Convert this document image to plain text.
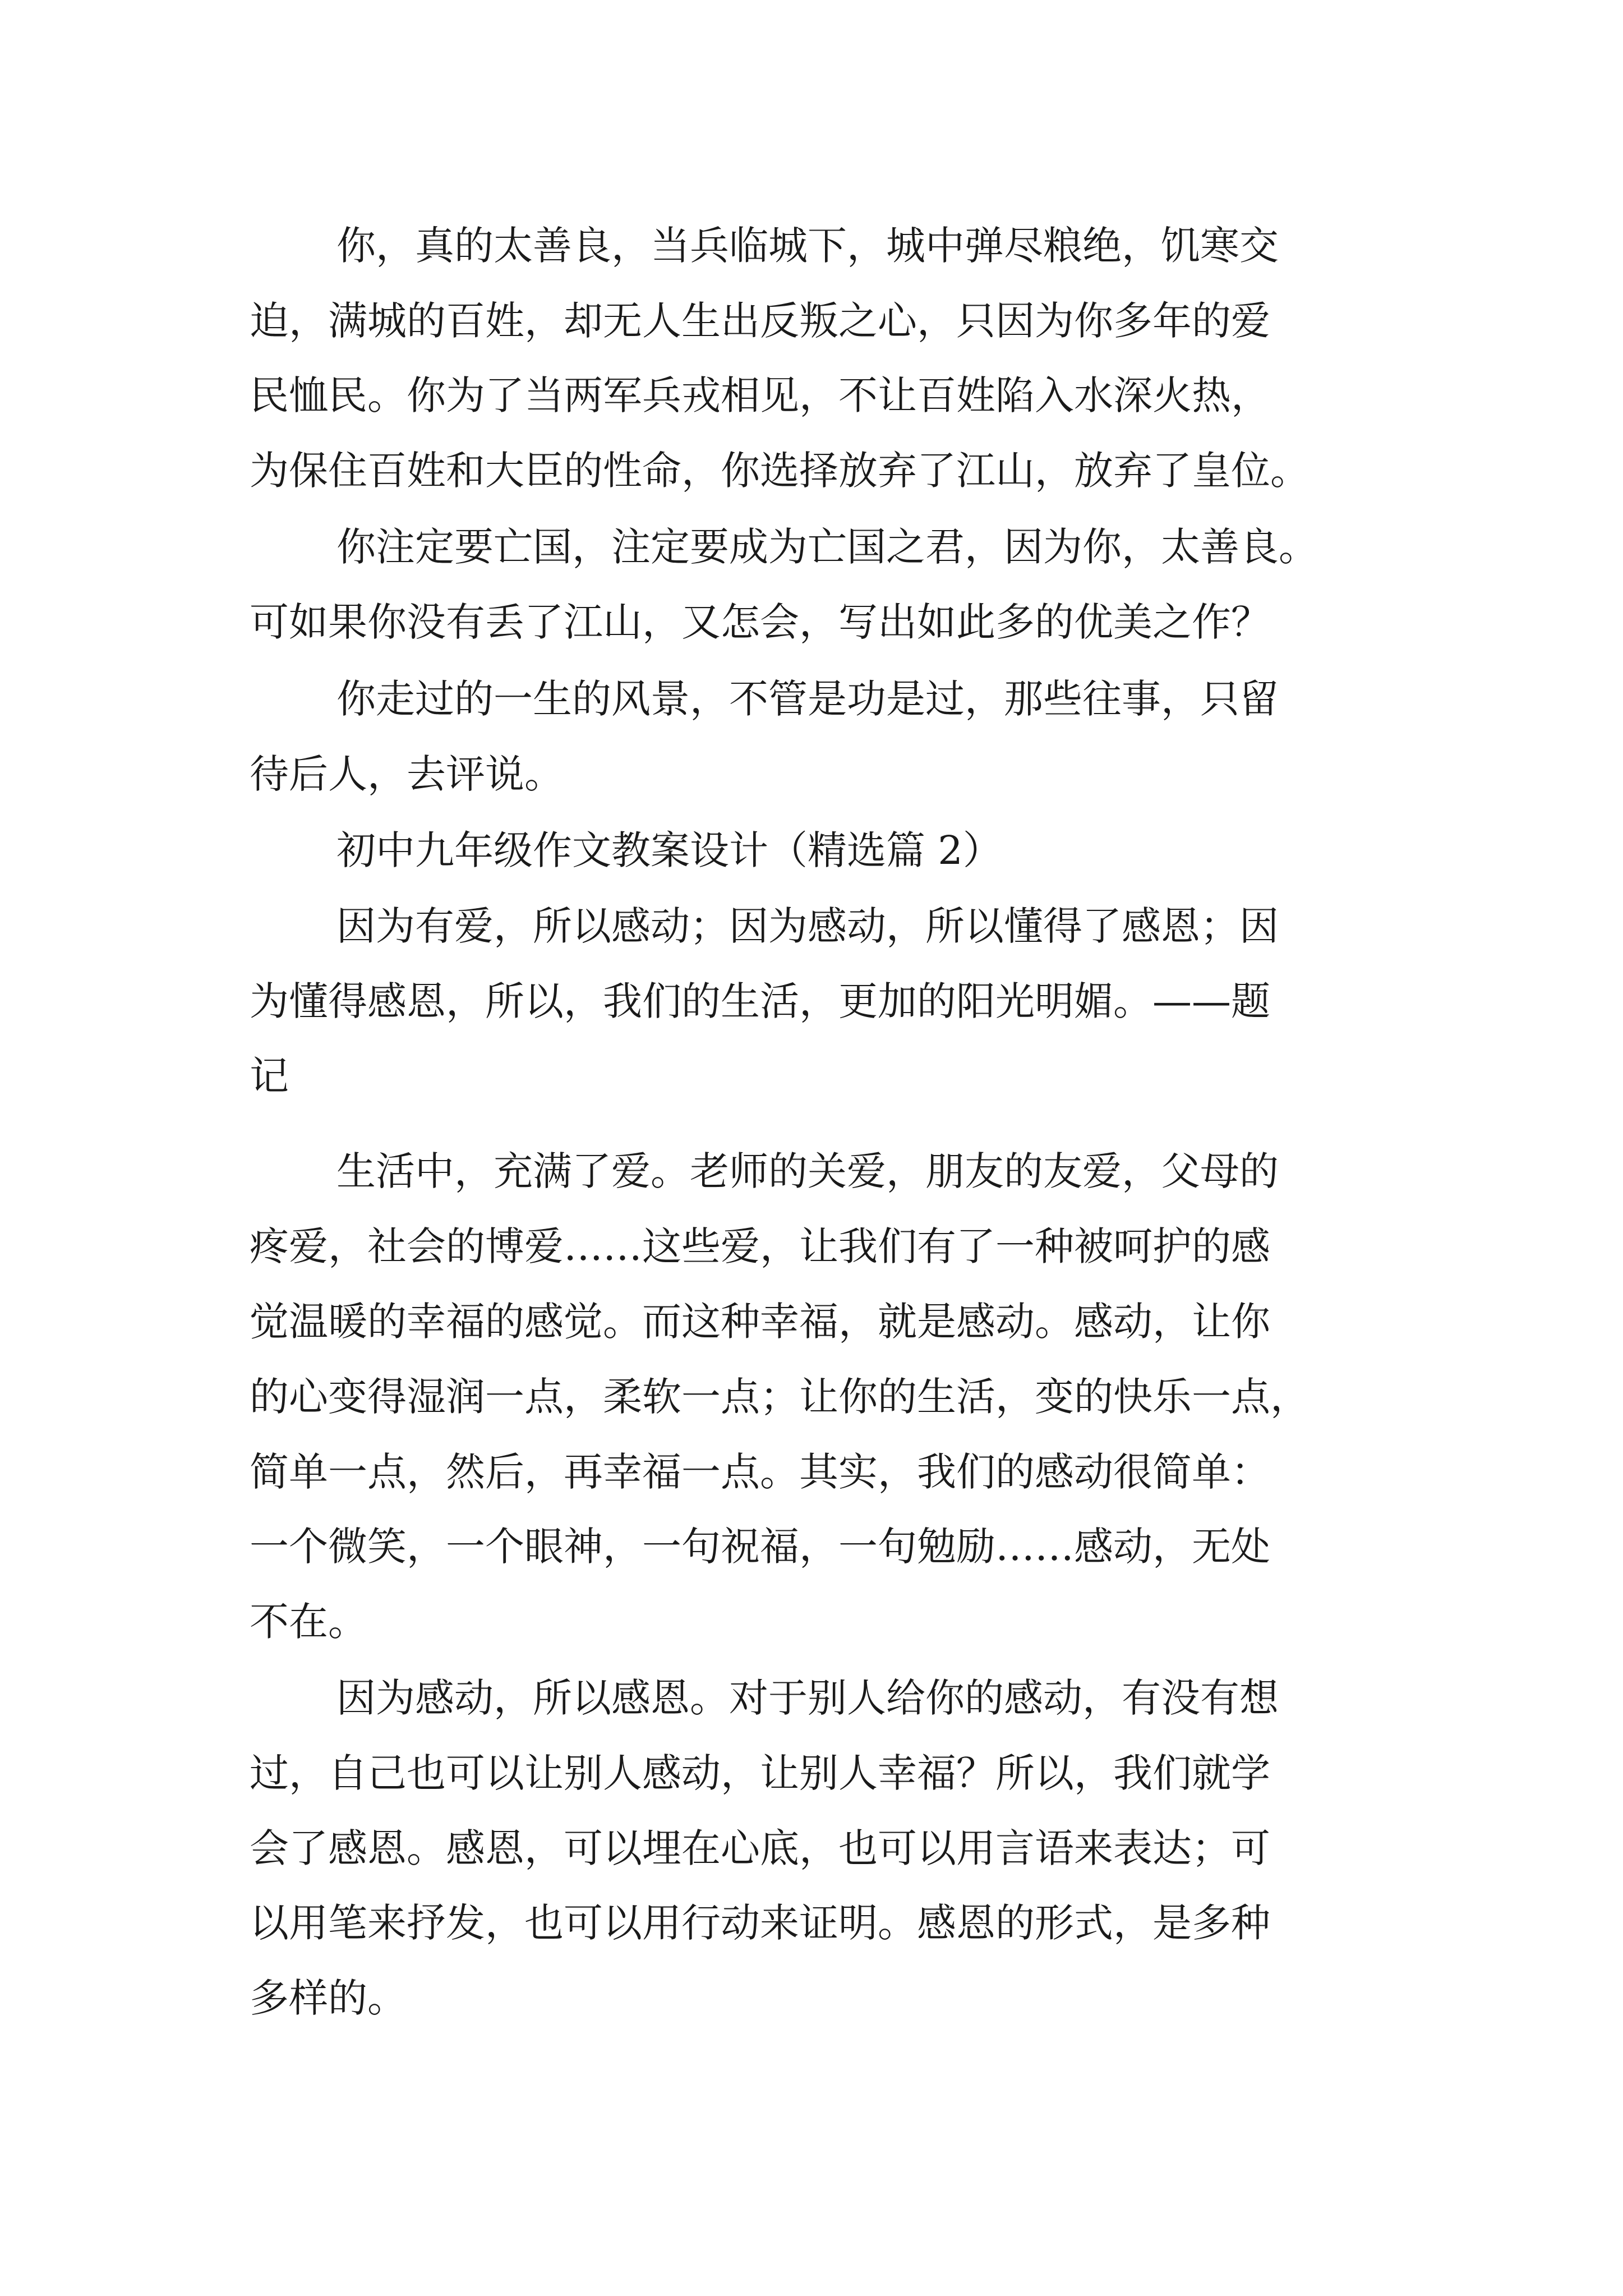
你，真的太善良，当兵临城下，城中弹尽粮绝，饥寒交

迫，满城的百姓，却无人生出反叛之心，只因为你多年的爱

民恤民。你为了当两军兵戎相见，不让百姓陷入水深火热，

为保住百姓和大臣的性命，你选择放弃了江山，放弃了皇位。

你注定要亡国，注定要成为亡国之君，因为你，太善良。

可如果你没有丢了江山，又怎会，写出如此多的优美之作？

你走过的一生的风景，不管是功是过，那些往事，只留

待后人，去评说。

初中九年级作文教案设计（精选篇 2）

因为有爱，所以感动；因为感动，所以懂得了感恩；因

为懂得感恩，所以，我们的生活，更加的阳光明媚。——题

记

生活中，充满了爱。老师的关爱，朋友的友爱，父母的

疼爱，社会的博爱……这些爱，让我们有了一种被呵护的感

觉温暖的幸福的感觉。而这种幸福，就是感动。感动，让你

的心变得湿润一点，柔软一点；让你的生活，变的快乐一点，

简单一点，然后，再幸福一点。其实，我们的感动很简单：

一个微笑，一个眼神，一句祝福，一句勉励……感动，无处

不在。

因为感动，所以感恩。对于别人给你的感动，有没有想

过，自己也可以让别人感动，让别人幸福？所以，我们就学

会了感恩。感恩，可以埋在心底，也可以用言语来表达；可

以用笔来抒发，也可以用行动来证明。感恩的形式，是多种

多样的。
